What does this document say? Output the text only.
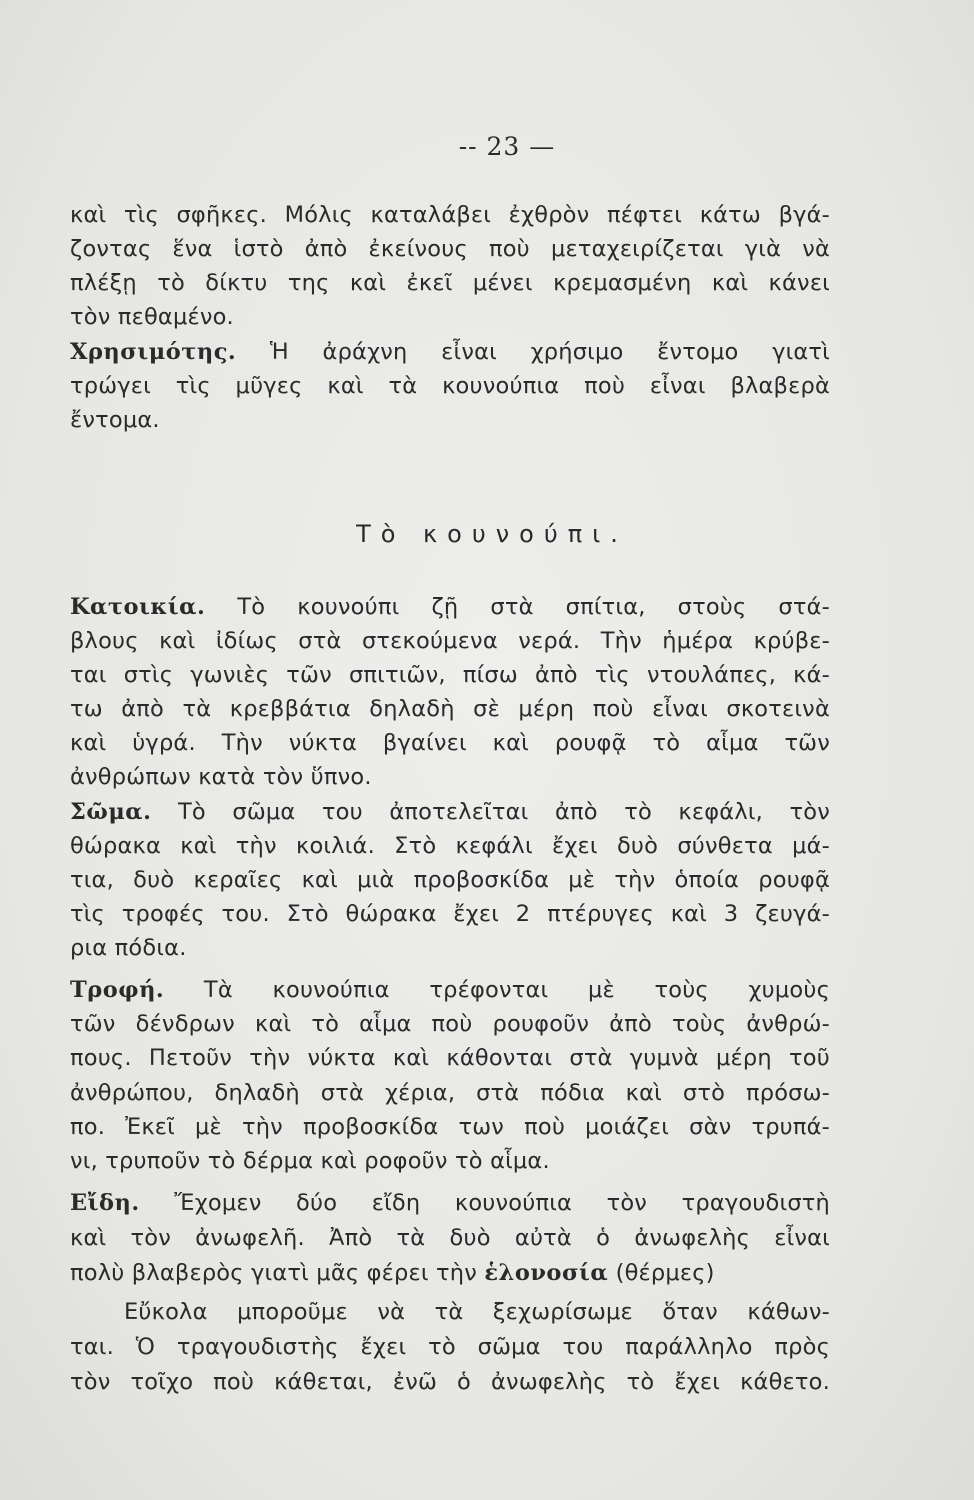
-- 23 —
καὶ τὶς σφῆκες. Μόλις καταλάβει ἐχθρὸν πέφτει κάτω βγά-
ζοντας ἕνα ἱστὸ ἀπὸ ἐκείνους ποὺ μεταχειρίζεται γιὰ νὰ
πλέξῃ τὸ δίκτυ της καὶ ἐκεῖ μένει κρεμασμένη καὶ κάνει
τὸν πεθαμένο.
Χρησιμότης. Ἡ ἀράχνη εἶναι χρήσιμο ἔντομο γιατὶ
τρώγει τὶς μῦγες καὶ τὰ κουνούπια ποὺ εἶναι βλαβερὰ
ἔντομα.
Τὸ κουνούπι.
Κατοικία. Τὸ κουνούπι ζῇ στὰ σπίτια, στοὺς στά-
βλους καὶ ἰδίως στὰ στεκούμενα νερά. Τὴν ἡμέρα κρύβε-
ται στὶς γωνιὲς τῶν σπιτιῶν, πίσω ἀπὸ τὶς ντουλάπες, κά-
τω ἀπὸ τὰ κρεββάτια δηλαδὴ σὲ μέρη ποὺ εἶναι σκοτεινὰ
καὶ ὑγρά. Τὴν νύκτα βγαίνει καὶ ρουφᾷ τὸ αἷμα τῶν
ἀνθρώπων κατὰ τὸν ὕπνο.
Σῶμα. Τὸ σῶμα του ἀποτελεῖται ἀπὸ τὸ κεφάλι, τὸν
θώρακα καὶ τὴν κοιλιά. Στὸ κεφάλι ἔχει δυὸ σύνθετα μά-
τια, δυὸ κεραῖες καὶ μιὰ προβοσκίδα μὲ τὴν ὁποία ρουφᾷ
τὶς τροφές του. Στὸ θώρακα ἔχει 2 πτέρυγες καὶ 3 ζευγά-
ρια πόδια.
Τροφή. Τὰ κουνούπια τρέφονται μὲ τοὺς χυμοὺς
τῶν δένδρων καὶ τὸ αἷμα ποὺ ρουφοῦν ἀπὸ τοὺς ἀνθρώ-
πους. Πετοῦν τὴν νύκτα καὶ κάθονται στὰ γυμνὰ μέρη τοῦ
ἀνθρώπου, δηλαδὴ στὰ χέρια, στὰ πόδια καὶ στὸ πρόσω-
πο. Ἐκεῖ μὲ τὴν προβοσκίδα των ποὺ μοιάζει σὰν τρυπά-
νι, τρυποῦν τὸ δέρμα καὶ ροφοῦν τὸ αἷμα.
Εἴδη. Ἔχομεν δύο εἴδη κουνούπια τὸν τραγουδιστὴ
καὶ τὸν ἀνωφελῆ. Ἀπὸ τὰ δυὸ αὐτὰ ὁ ἀνωφελὴς εἶναι
πολὺ βλαβερὸς γιατὶ μᾶς φέρει τὴν ἑλονοσία (θέρμες)
Εὔκολα μποροῦμε νὰ τὰ ξεχωρίσωμε ὅταν κάθων-
ται. Ὁ τραγουδιστὴς ἔχει τὸ σῶμα του παράλληλο πρὸς
τὸν τοῖχο ποὺ κάθεται, ἐνῶ ὁ ἀνωφελὴς τὸ ἔχει κάθετο.
